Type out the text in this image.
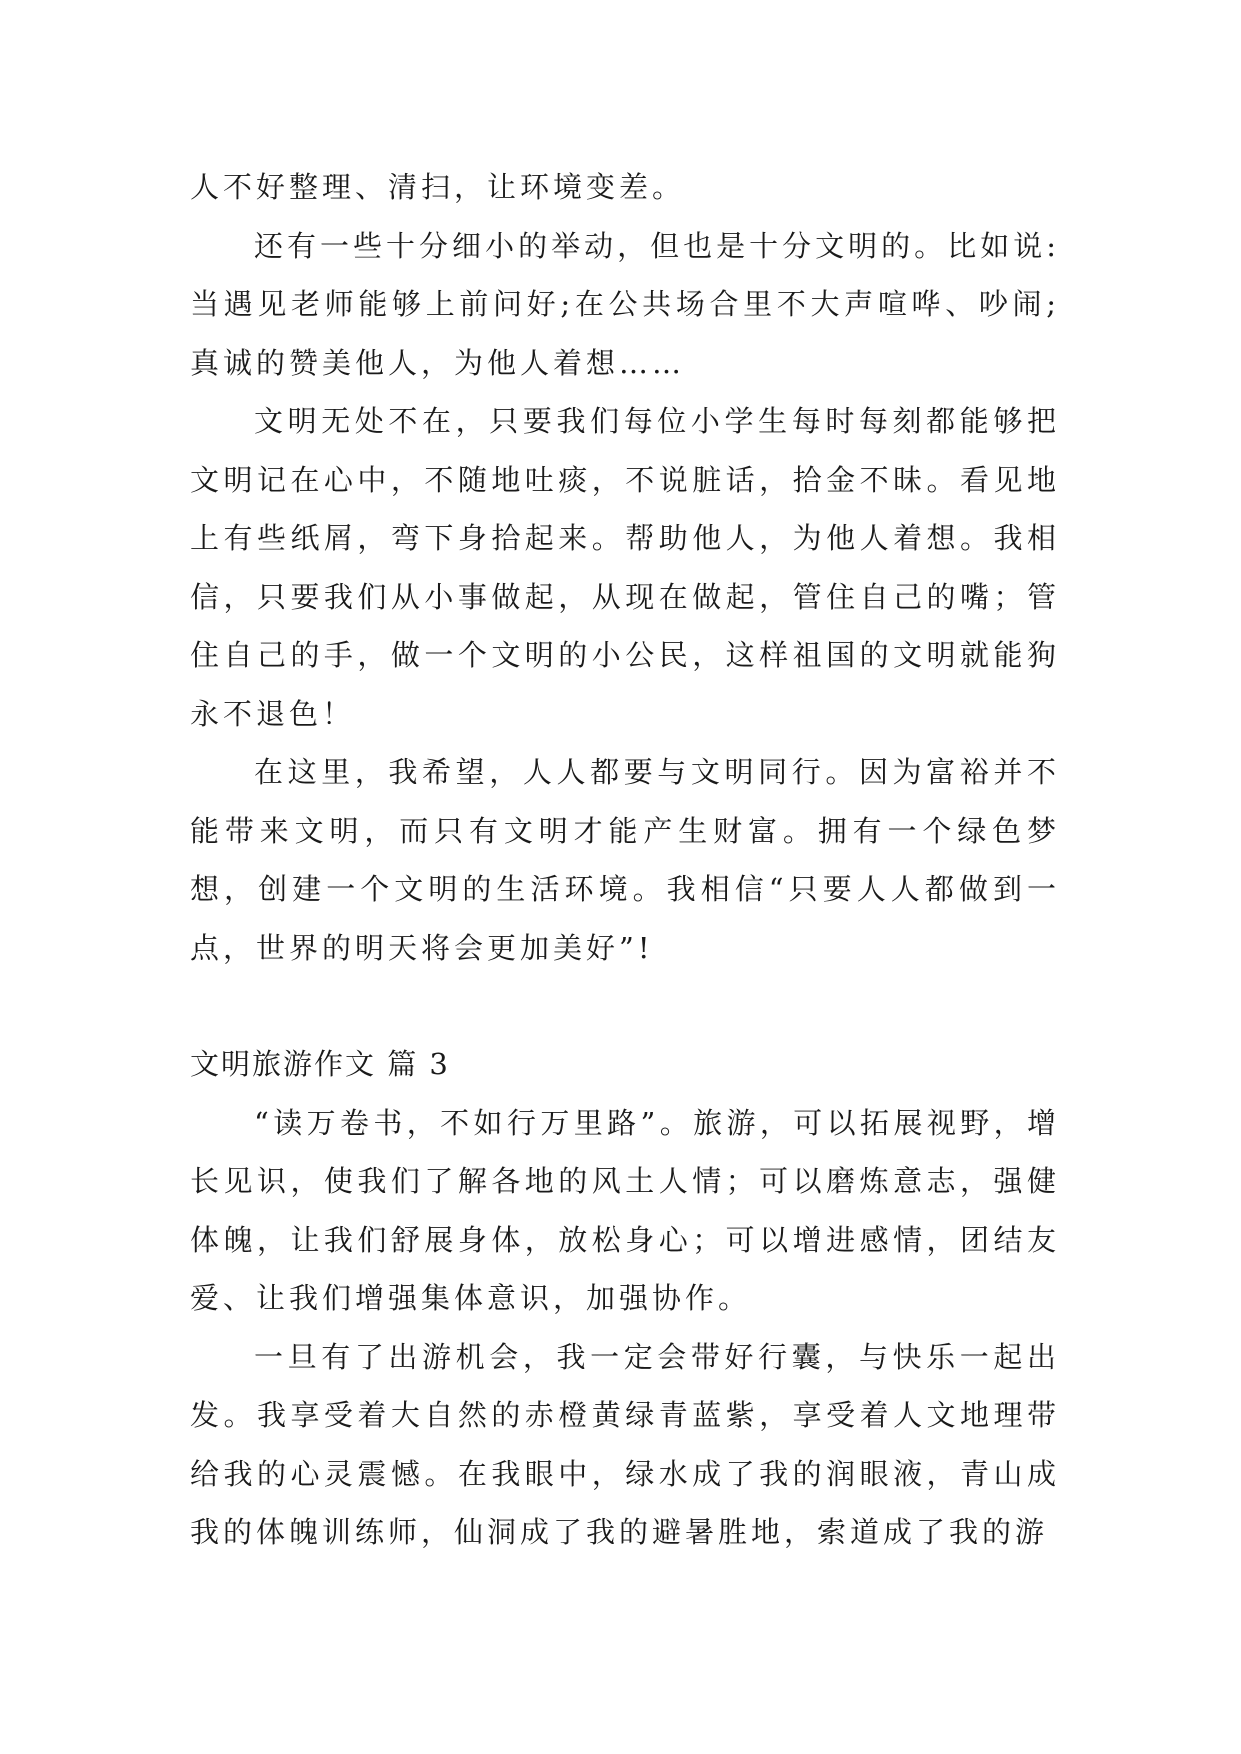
人不好整理、清扫，让环境变差。

还有一些十分细小的举动，但也是十分文明的。比如说:当遇见老师能够上前问好;在公共场合里不大声喧哗、吵闹;真诚的赞美他人，为他人着想……

文明无处不在，只要我们每位小学生每时每刻都能够把文明记在心中，不随地吐痰，不说脏话，拾金不昧。看见地上有些纸屑，弯下身拾起来。帮助他人，为他人着想。我相信，只要我们从小事做起，从现在做起，管住自己的嘴；管住自己的手，做一个文明的小公民，这样祖国的文明就能狗永不退色！

在这里，我希望，人人都要与文明同行。因为富裕并不能带来文明，而只有文明才能产生财富。拥有一个绿色梦想，创建一个文明的生活环境。我相信“只要人人都做到一点，世界的明天将会更加美好”!

文明旅游作文 篇 3

“读万卷书，不如行万里路”。旅游，可以拓展视野，增长见识，使我们了解各地的风土人情；可以磨炼意志，强健体魄，让我们舒展身体，放松身心；可以增进感情，团结友爱、让我们增强集体意识，加强协作。

一旦有了出游机会，我一定会带好行囊，与快乐一起出发。我享受着大自然的赤橙黄绿青蓝紫，享受着人文地理带给我的心灵震憾。在我眼中，绿水成了我的润眼液，青山成我的体魄训练师，仙洞成了我的避暑胜地，索道成了我的游
